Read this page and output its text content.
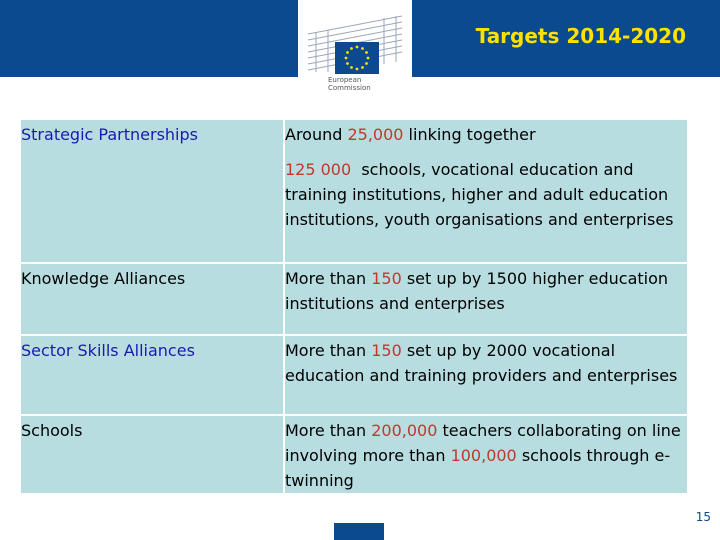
European
Commission
Targets 2014-2020
Strategic Partnerships	Around 25,000 linking together
125 000  schools, vocational education and training institutions, higher and adult education institutions, youth organisations and enterprises

Knowledge Alliances	More than 150 set up by 1500 higher education institutions and enterprises

Sector Skills Alliances	More than 150 set up by 2000 vocational education and training providers and enterprises

Schools	More than 200,000 teachers collaborating on line involving more than 100,000 schools through e-twinning
15
